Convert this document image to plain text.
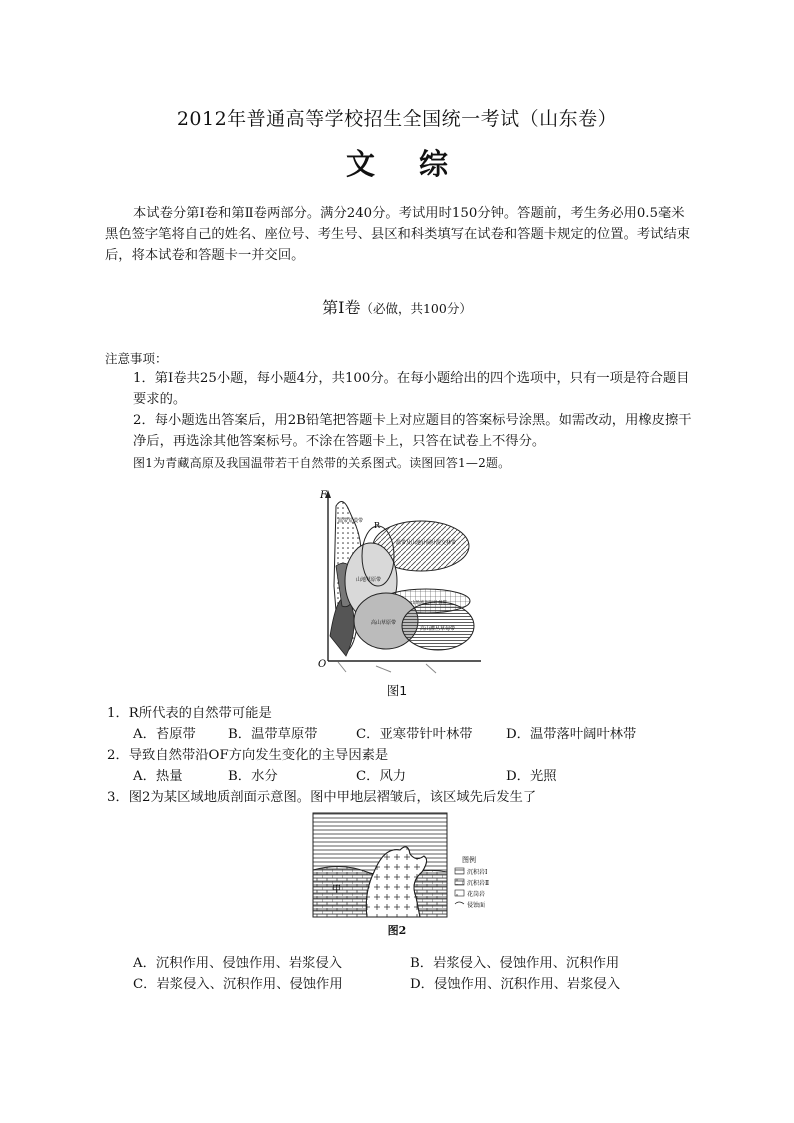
2012年普通高等学校招生全国统一考试（山东卷）
文综
本试卷分第Ⅰ卷和第Ⅱ卷两部分。满分240分。考试用时150分钟。答题前，考生务必用0.5毫米黑色签字笔将自己的姓名、座位号、考生号、县区和科类填写在试卷和答题卡规定的位置。考试结束后，将本试卷和答题卡一并交回。
第Ⅰ卷（必做，共100分）
注意事项：
1．第Ⅰ卷共25小题，每小题4分，共100分。在每小题给出的四个选项中，只有一项是符合题目要求的。
2．每小题选出答案后，用2B铅笔把答题卡上对应题目的答案标号涂黑。如需改动，用橡皮擦干净后，再选涂其他答案标号。不涂在答题卡上，只答在试卷上不得分。
图1为青藏高原及我国温带若干自然带的关系图式。读图回答1—2题。
F
O
R
温带荒漠带
温带及山地针阔叶混交林带
山地草原带
山地寒温针叶林带
高山草原带
高山灌丛草甸带
图1
1．R所代表的自然带可能是
A．苔原带 B．温带草原带	C．亚寒带针叶林带	D．温带落叶阔叶林带
2．导致自然带沿OF方向发生变化的主导因素是
A．热量	B．水分	C．风力	D．光照
3．图2为某区域地质剖面示意图。图中甲地层褶皱后，该区域先后发生了
甲
图例
沉积岩Ⅰ
沉积岩Ⅱ
花岗岩
侵蚀面
图2
A．沉积作用、侵蚀作用、岩浆侵入	B．岩浆侵入、侵蚀作用、沉积作用
C．岩浆侵入、沉积作用、侵蚀作用	D．侵蚀作用、沉积作用、岩浆侵入
